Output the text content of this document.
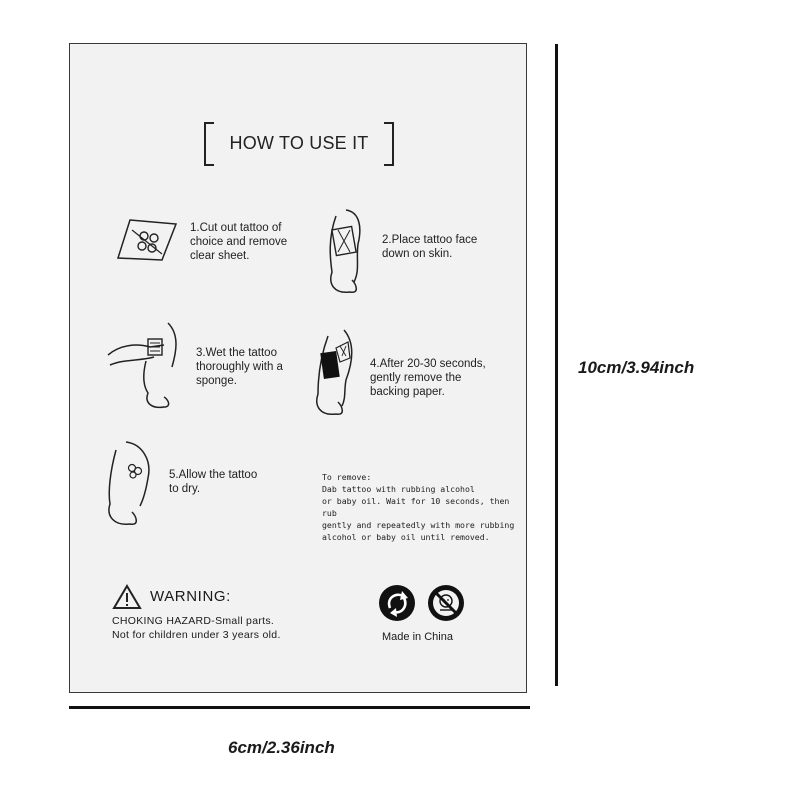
HOW TO USE IT
1.Cut out tattoo of
choice and remove
clear sheet.
2.Place tattoo face
down on skin.
3.Wet the tattoo
thoroughly with a
sponge.
4.After 20-30 seconds,
gently remove the
backing paper.
5.Allow the tattoo
to dry.
To remove:
Dab tattoo with rubbing alcohol
or baby oil. Wait for 10 seconds, then rub
gently and repeatedly with more rubbing
alcohol or baby oil until removed.
WARNING:
CHOKING HAZARD-Small parts.
Not for children under 3 years old.	Made in China
10cm/3.94inch
6cm/2.36inch
